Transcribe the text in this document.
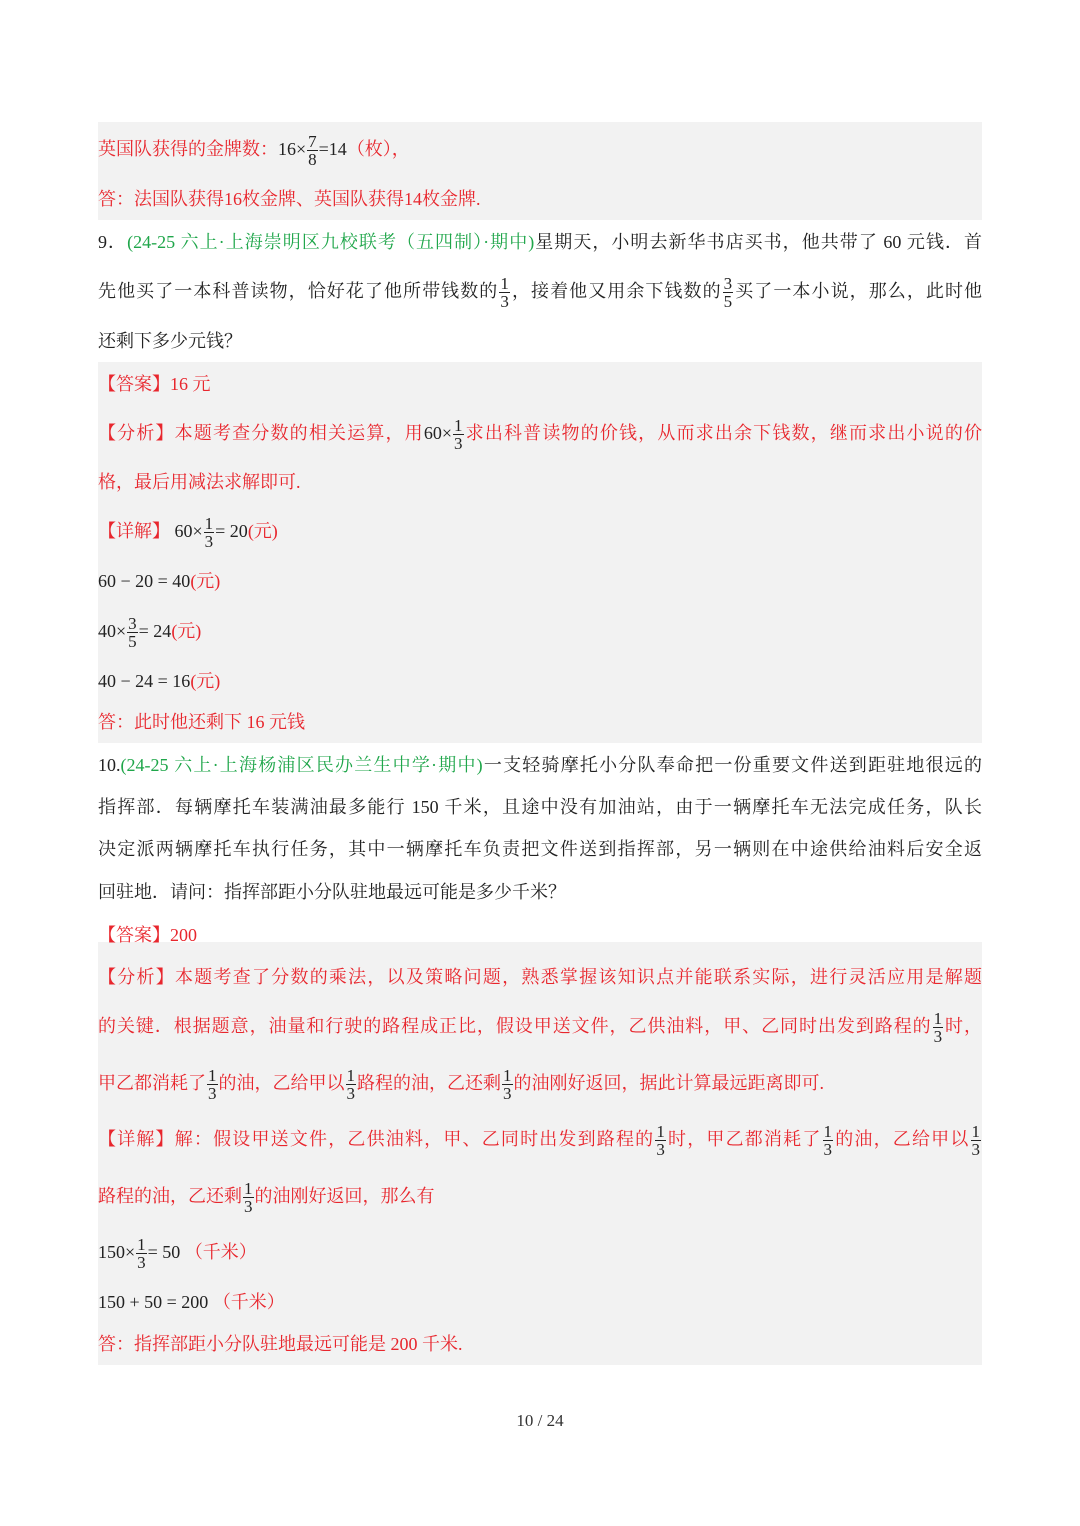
英国队获得的金牌数：$16\times \frac{7}{8} =14$（枚），
答：法国队获得16枚金牌、英国队获得14枚金牌.
9．(24-25 六上·上海崇明区九校联考（五四制）·期中)星期天，小明去新华书店买书，他共带了 60 元钱．首
先他买了一本科普读物，恰好花了他所带钱数的 $\frac{1}{3}$ ，接着他又用余下钱数的 $\frac{3}{5}$ 买了一本小说，那么，此时他
还剩下多少元钱？
【答案】16 元
【分析】本题考查分数的相关运算，用$60\times \frac{1}{3}$ 求出科普读物的价钱，从而求出余下钱数，继而求出小说的价
格，最后用减法求解即可.
【详解】 $60\times \frac{1}{3} = 20$(元)
60 − 20 = 40(元)
$40\times \frac{3}{5} = 24$(元)
40 − 24 = 16(元)
答：此时他还剩下 16 元钱
10.(24-25 六上·上海杨浦区民办兰生中学·期中)一支轻骑摩托小分队奉命把一份重要文件送到距驻地很远的
指挥部．每辆摩托车装满油最多能行 150 千米，且途中没有加油站，由于一辆摩托车无法完成任务，队长
决定派两辆摩托车执行任务，其中一辆摩托车负责把文件送到指挥部，另一辆则在中途供给油料后安全返
回驻地．请问：指挥部距小分队驻地最远可能是多少千米？
【答案】200
【分析】本题考查了分数的乘法，以及策略问题，熟悉掌握该知识点并能联系实际，进行灵活应用是解题
的关键．根据题意，油量和行驶的路程成正比，假设甲送文件，乙供油料，甲、乙同时出发到路程的 $\frac{1}{3}$ 时，
甲乙都消耗了 $\frac{1}{3}$ 的油，乙给甲以 $\frac{1}{3}$ 路程的油，乙还剩 $\frac{1}{3}$ 的油刚好返回，据此计算最远距离即可.
【详解】解：假设甲送文件，乙供油料，甲、乙同时出发到路程的 $\frac{1}{3}$ 时，甲乙都消耗了 $\frac{1}{3}$ 的油，乙给甲以 $\frac{1}{3}$
路程的油，乙还剩 $\frac{1}{3}$ 的油刚好返回，那么有
$150\times \frac{1}{3} = 50$ （千米）
150 + 50 = 200 （千米）
答：指挥部距小分队驻地最远可能是 200 千米.
10 / 24
